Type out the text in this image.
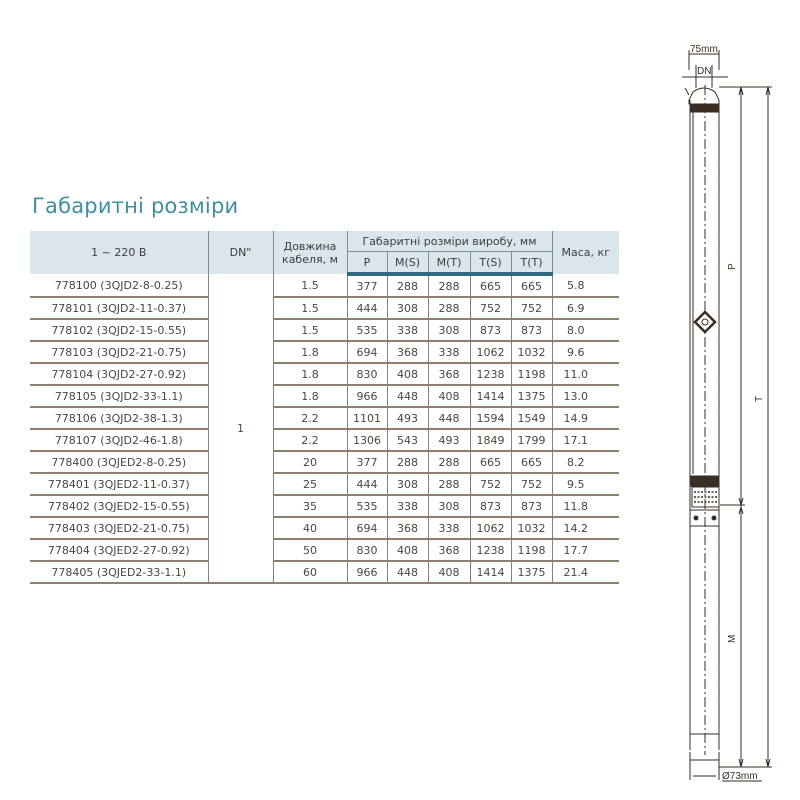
Габаритні розміри
1 ~ 220 В	DN"	Довжина
кабеля, м	Габаритні розміри виробу, мм					Маса, кг
			P	M(S)	M(T)	T(S)	T(T)	
778100 (3QJD2-8-0.25)	1	1.5	377	288	288	665	665	5.8
778101 (3QJD2-11-0.37)		1.5	444	308	288	752	752	6.9
778102 (3QJD2-15-0.55)		1.5	535	338	308	873	873	8.0
778103 (3QJD2-21-0.75)		1.8	694	368	338	1062	1032	9.6
778104 (3QJD2-27-0.92)		1.8	830	408	368	1238	1198	11.0
778105 (3QJD2-33-1.1)		1.8	966	448	408	1414	1375	13.0
778106 (3QJD2-38-1.3)		2.2	1101	493	448	1594	1549	14.9
778107 (3QJD2-46-1.8)		2.2	1306	543	493	1849	1799	17.1
778400 (3QJED2-8-0.25)		20	377	288	288	665	665	8.2
778401 (3QJED2-11-0.37)		25	444	308	288	752	752	9.5
778402 (3QJED2-15-0.55)		35	535	338	308	873	873	11.8
778403 (3QJED2-21-0.75)		40	694	368	338	1062	1032	14.2
778404 (3QJED2-27-0.92)		50	830	408	368	1238	1198	17.7
778405 (3QJED2-33-1.1)		60	966	448	408	1414	1375	21.4
75mm
DN
P
T
M
Ø73mm
